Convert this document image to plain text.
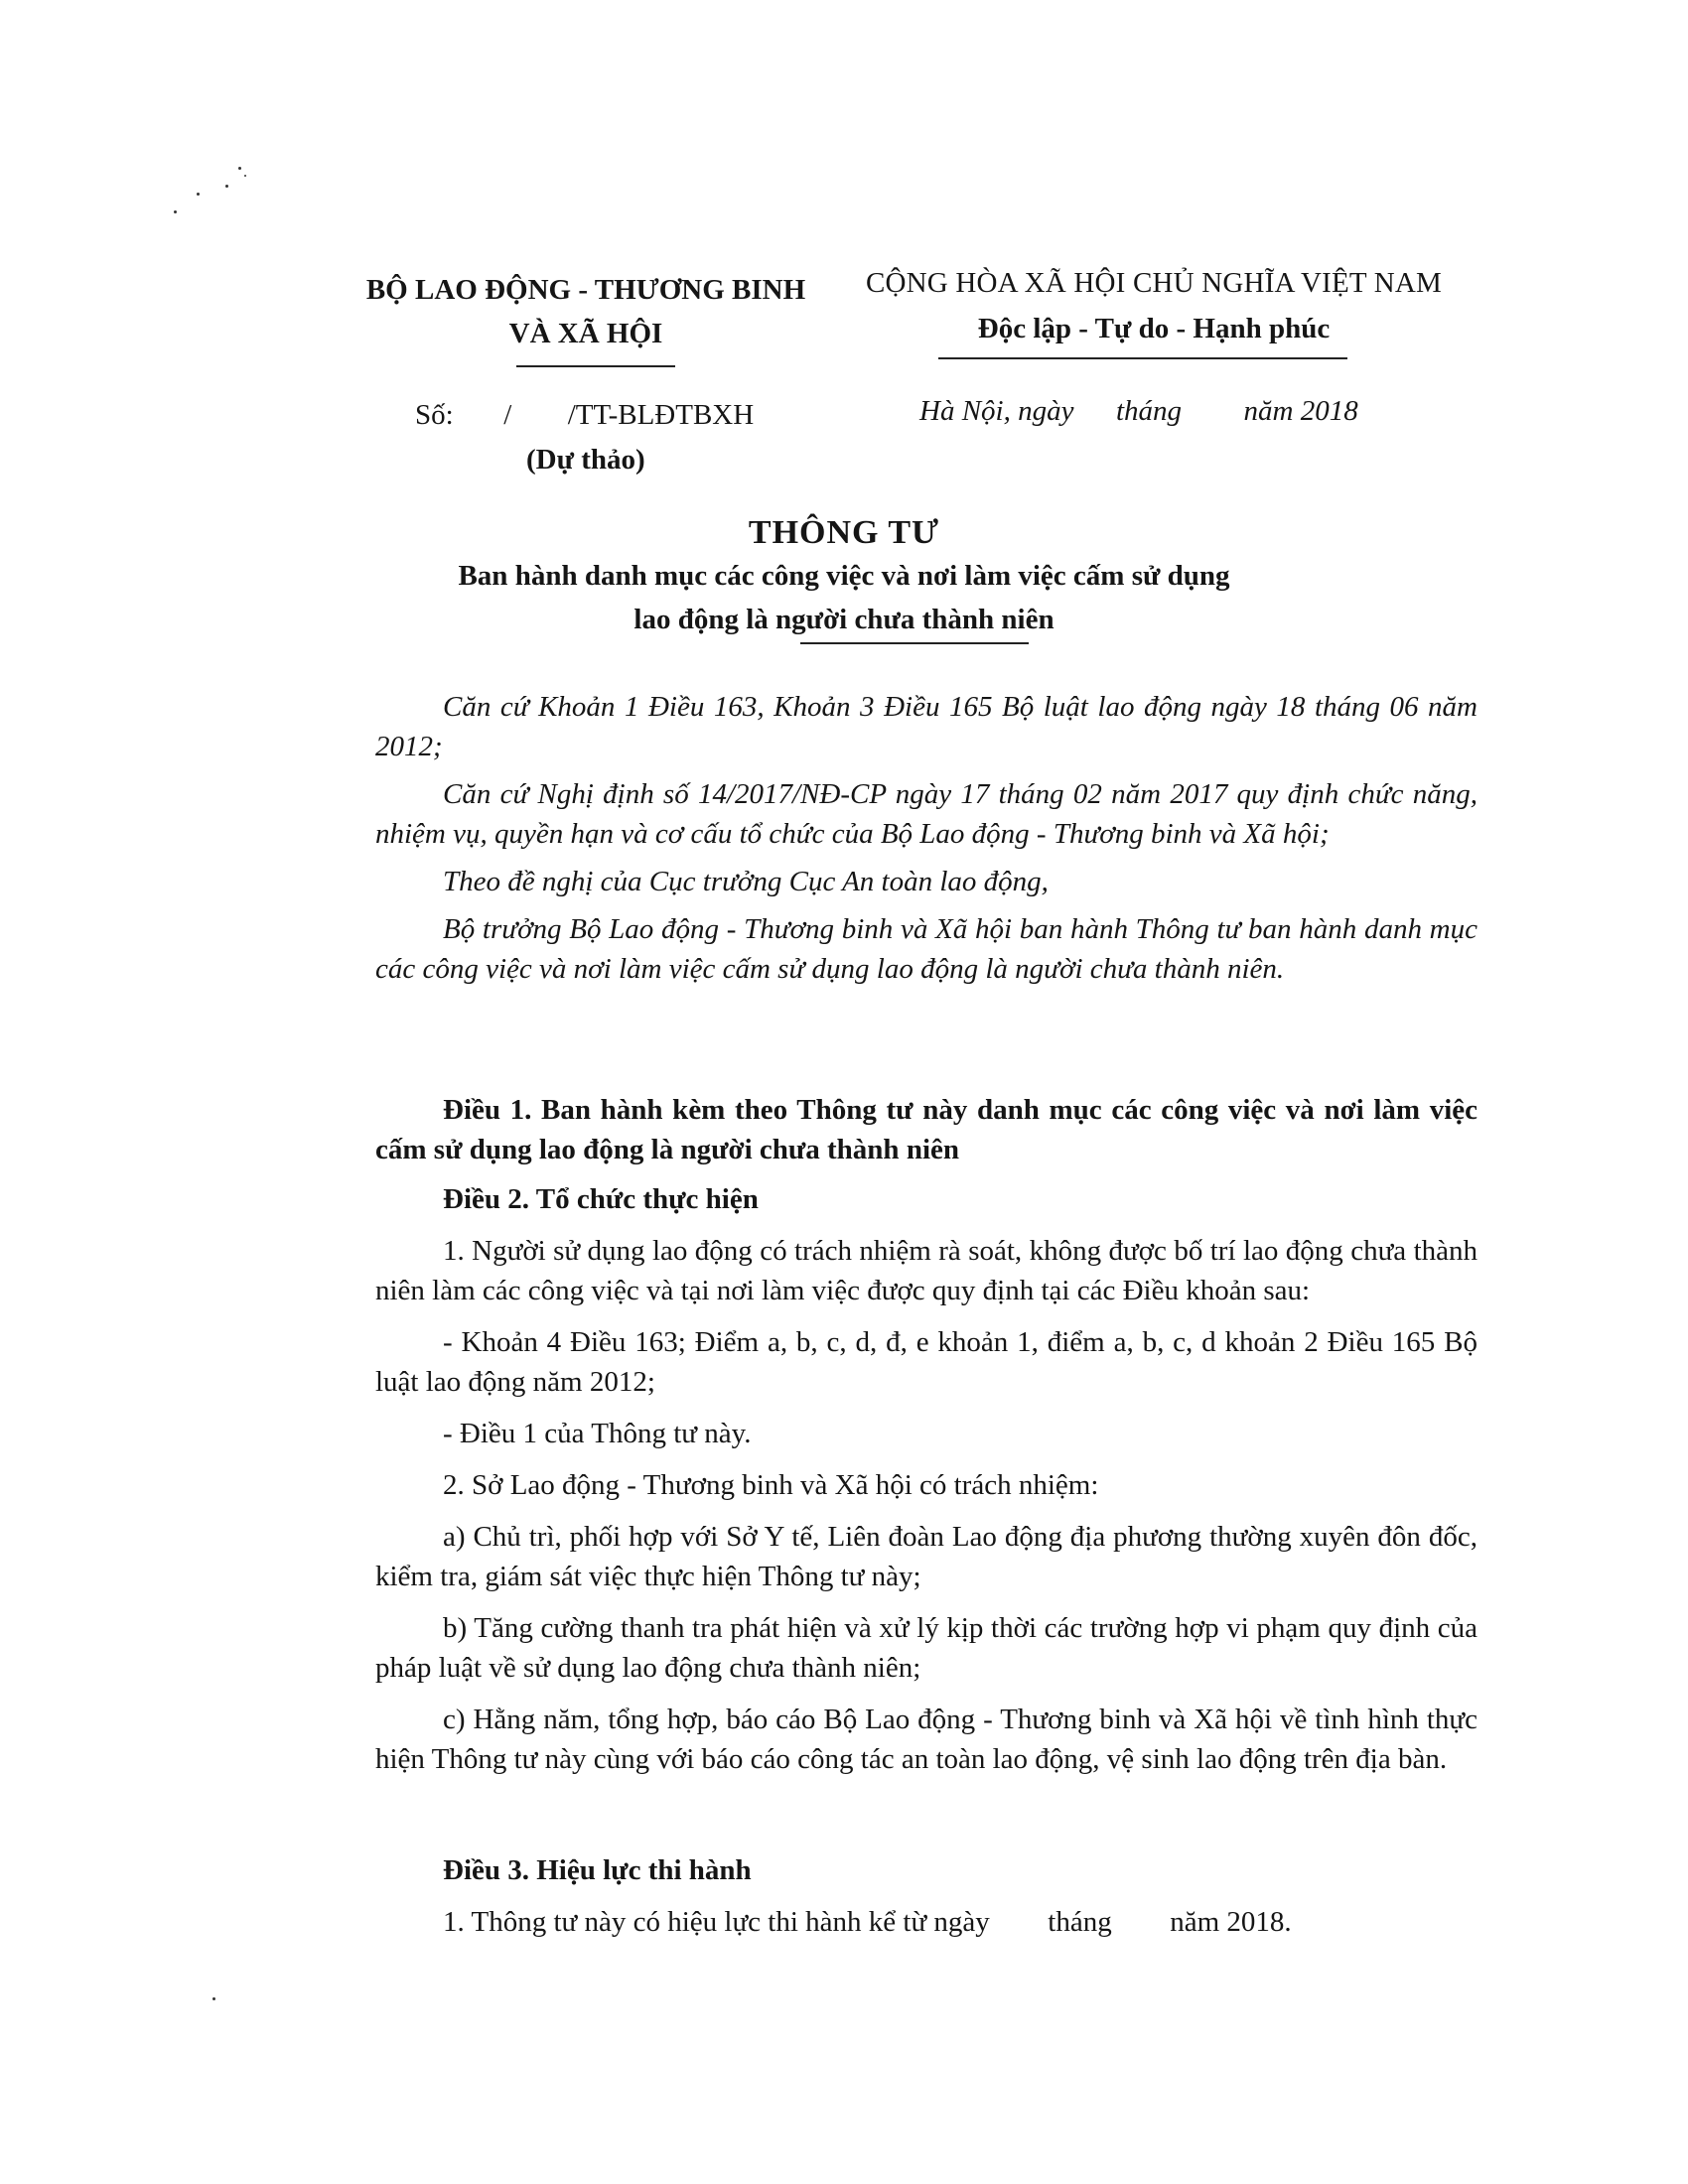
BỘ LAO ĐỘNG - THƯƠNG BINH
VÀ XÃ HỘI
CỘNG HÒA XÃ HỘI CHỦ NGHĨA VIỆT NAM
Độc lập - Tự do - Hạnh phúc
Số: / /TT-BLĐTBXH
(Dự thảo)
Hà Nội, ngày tháng năm 2018
THÔNG TƯ
Ban hành danh mục các công việc và nơi làm việc cấm sử dụng
lao động là người chưa thành niên

Căn cứ Khoản 1 Điều 163, Khoản 3 Điều 165 Bộ luật lao động ngày 18 tháng 06 năm 2012;

Căn cứ Nghị định số 14/2017/NĐ-CP ngày 17 tháng 02 năm 2017 quy định chức năng, nhiệm vụ, quyền hạn và cơ cấu tổ chức của Bộ Lao động - Thương binh và Xã hội;

Theo đề nghị của Cục trưởng Cục An toàn lao động,

Bộ trưởng Bộ Lao động - Thương binh và Xã hội ban hành Thông tư ban hành danh mục các công việc và nơi làm việc cấm sử dụng lao động là người chưa thành niên.

Điều 1. Ban hành kèm theo Thông tư này danh mục các công việc và nơi làm việc cấm sử dụng lao động là người chưa thành niên

Điều 2. Tổ chức thực hiện

1. Người sử dụng lao động có trách nhiệm rà soát, không được bố trí lao động chưa thành niên làm các công việc và tại nơi làm việc được quy định tại các Điều khoản sau:

- Khoản 4 Điều 163; Điểm a, b, c, d, đ, e khoản 1, điểm a, b, c, d khoản 2 Điều 165 Bộ luật lao động năm 2012;

- Điều 1 của Thông tư này.

2. Sở Lao động - Thương binh và Xã hội có trách nhiệm:

a) Chủ trì, phối hợp với Sở Y tế, Liên đoàn Lao động địa phương thường xuyên đôn đốc, kiểm tra, giám sát việc thực hiện Thông tư này;

b) Tăng cường thanh tra phát hiện và xử lý kịp thời các trường hợp vi phạm quy định của pháp luật về sử dụng lao động chưa thành niên;

c) Hằng năm, tổng hợp, báo cáo Bộ Lao động - Thương binh và Xã hội về tình hình thực hiện Thông tư này cùng với báo cáo công tác an toàn lao động, vệ sinh lao động trên địa bàn.

Điều 3. Hiệu lực thi hành

1. Thông tư này có hiệu lực thi hành kể từ ngày tháng năm 2018.
